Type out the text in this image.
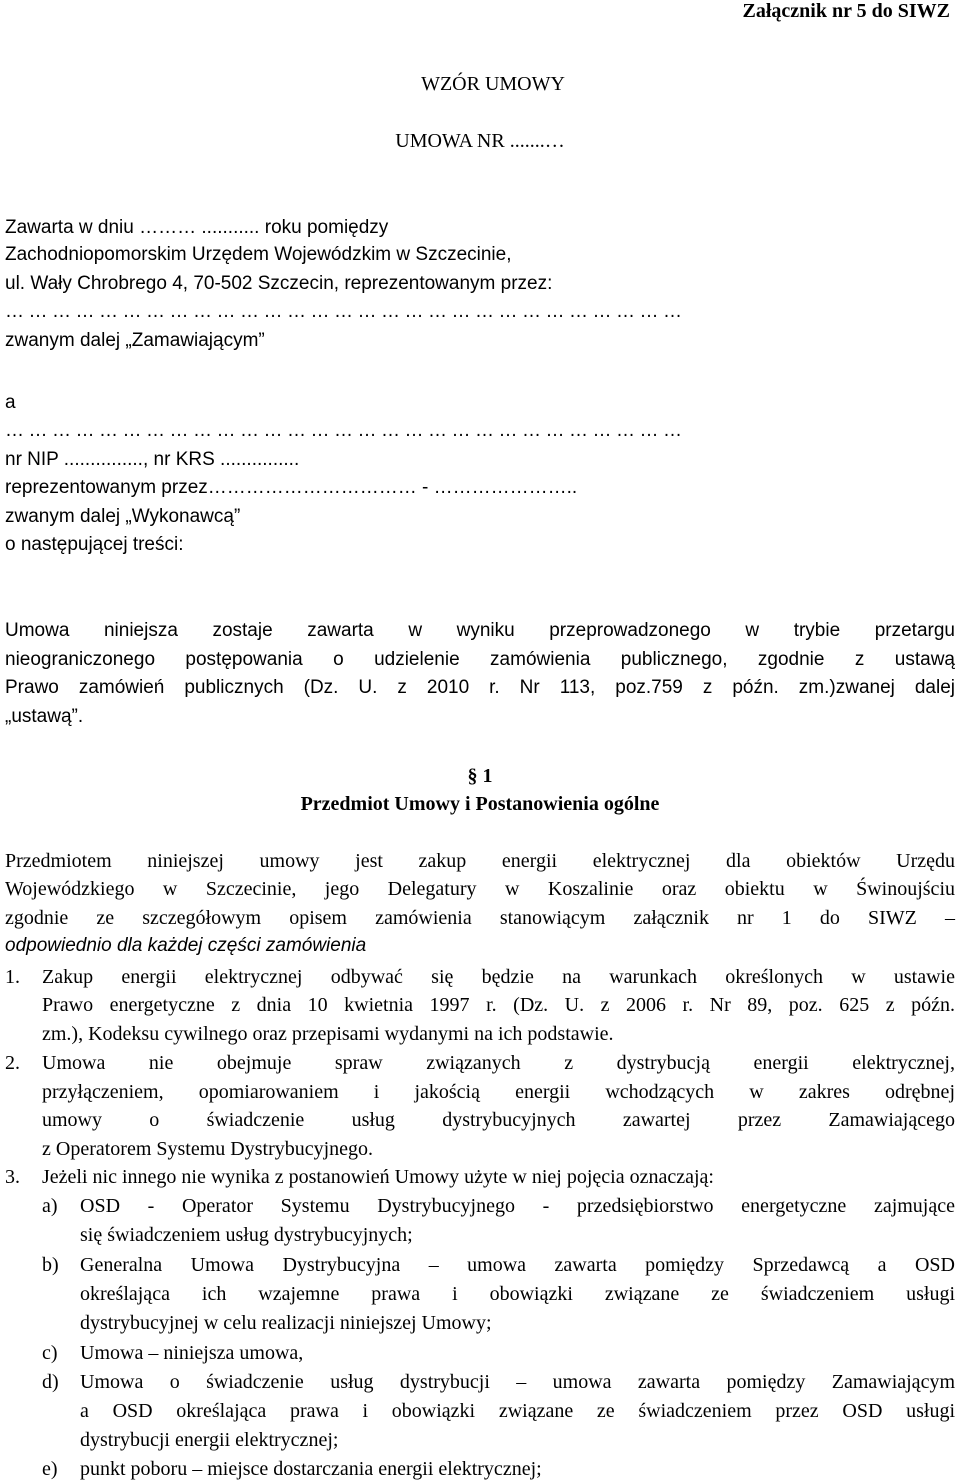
Załącznik nr 5 do SIWZ
WZÓR UMOWY
UMOWA NR .......…
Zawarta w dniu ……… ........... roku pomiędzy
Zachodniopomorskim Urzędem Wojewódzkim w Szczecinie,
ul. Wały Chrobrego 4, 70-502 Szczecin, reprezentowanym przez:
……………………………………………………………………………
zwanym dalej „Zamawiającym”
a
……………………………………………………………………………
nr NIP ..............., nr KRS ...............
reprezentowanym przez…………………………… - …………………..
zwanym dalej „Wykonawcą”
o następującej treści:
Umowa niniejsza zostaje zawarta w wyniku przeprowadzonego w trybie przetargu
nieograniczonego postępowania o udzielenie zamówienia publicznego, zgodnie z ustawą
Prawo zamówień publicznych (Dz. U. z 2010 r. Nr 113, poz.759 z późn. zm.)zwanej dalej
„ustawą”.
§ 1
Przedmiot Umowy i Postanowienia ogólne
Przedmiotem niniejszej umowy jest zakup energii elektrycznej dla obiektów Urzędu
Wojewódzkiego w Szczecinie, jego Delegatury w Koszalinie oraz obiektu w Świnoujściu
zgodnie ze szczegółowym opisem zamówienia stanowiącym załącznik nr 1 do SIWZ –
odpowiednio dla każdej części zamówienia
1. Zakup energii elektrycznej odbywać się będzie na warunkach określonych w ustawie
Prawo energetyczne z dnia 10 kwietnia 1997 r. (Dz. U. z 2006 r. Nr 89, poz. 625 z późn.
zm.), Kodeksu cywilnego oraz przepisami wydanymi na ich podstawie.
2. Umowa nie obejmuje spraw związanych z dystrybucją energii elektrycznej,
przyłączeniem, opomiarowaniem i jakością energii wchodzących w zakres odrębnej
umowy o świadczenie usług dystrybucyjnych zawartej przez Zamawiającego
z Operatorem Systemu Dystrybucyjnego.
3. Jeżeli nic innego nie wynika z postanowień Umowy użyte w niej pojęcia oznaczają:
a) OSD - Operator Systemu Dystrybucyjnego - przedsiębiorstwo energetyczne zajmujące
się świadczeniem usług dystrybucyjnych;
b) Generalna Umowa Dystrybucyjna – umowa zawarta pomiędzy Sprzedawcą a OSD
określająca ich wzajemne prawa i obowiązki związane ze świadczeniem usługi
dystrybucyjnej w celu realizacji niniejszej Umowy;
c) Umowa – niniejsza umowa,
d) Umowa o świadczenie usług dystrybucji – umowa zawarta pomiędzy Zamawiającym
a OSD określająca prawa i obowiązki związane ze świadczeniem przez OSD usługi
dystrybucji energii elektrycznej;
e) punkt poboru – miejsce dostarczania energii elektrycznej;
